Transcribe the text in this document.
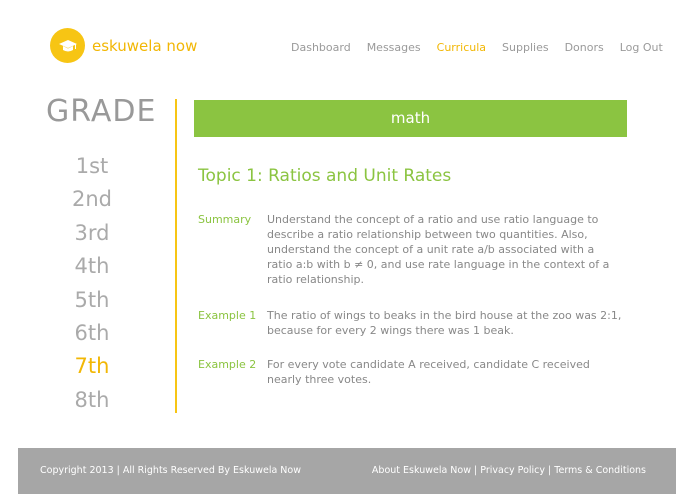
eskuwela now	Dashboard Messages Curricula Supplies Donors Log Out
GRADE
1st
2nd
3rd
4th
5th
6th
7th
8th
math
Topic 1: Ratios and Unit Rates
Summary	Understand the concept of a ratio and use ratio language to describe a ratio relationship between two quantities. Also, understand the concept of a unit rate a/b associated with a ratio a:b with b ≠ 0, and use rate language in the context of a ratio relationship.
Example 1 The ratio of wings to beaks in the bird house at the zoo was 2:1, because for every 2 wings there was 1 beak.
Example 2 For every vote candidate A received, candidate C received nearly three votes.
Copyright 2013 | All Rights Reserved By Eskuwela Now	About Eskuwela Now | Privacy Policy | Terms & Conditions
